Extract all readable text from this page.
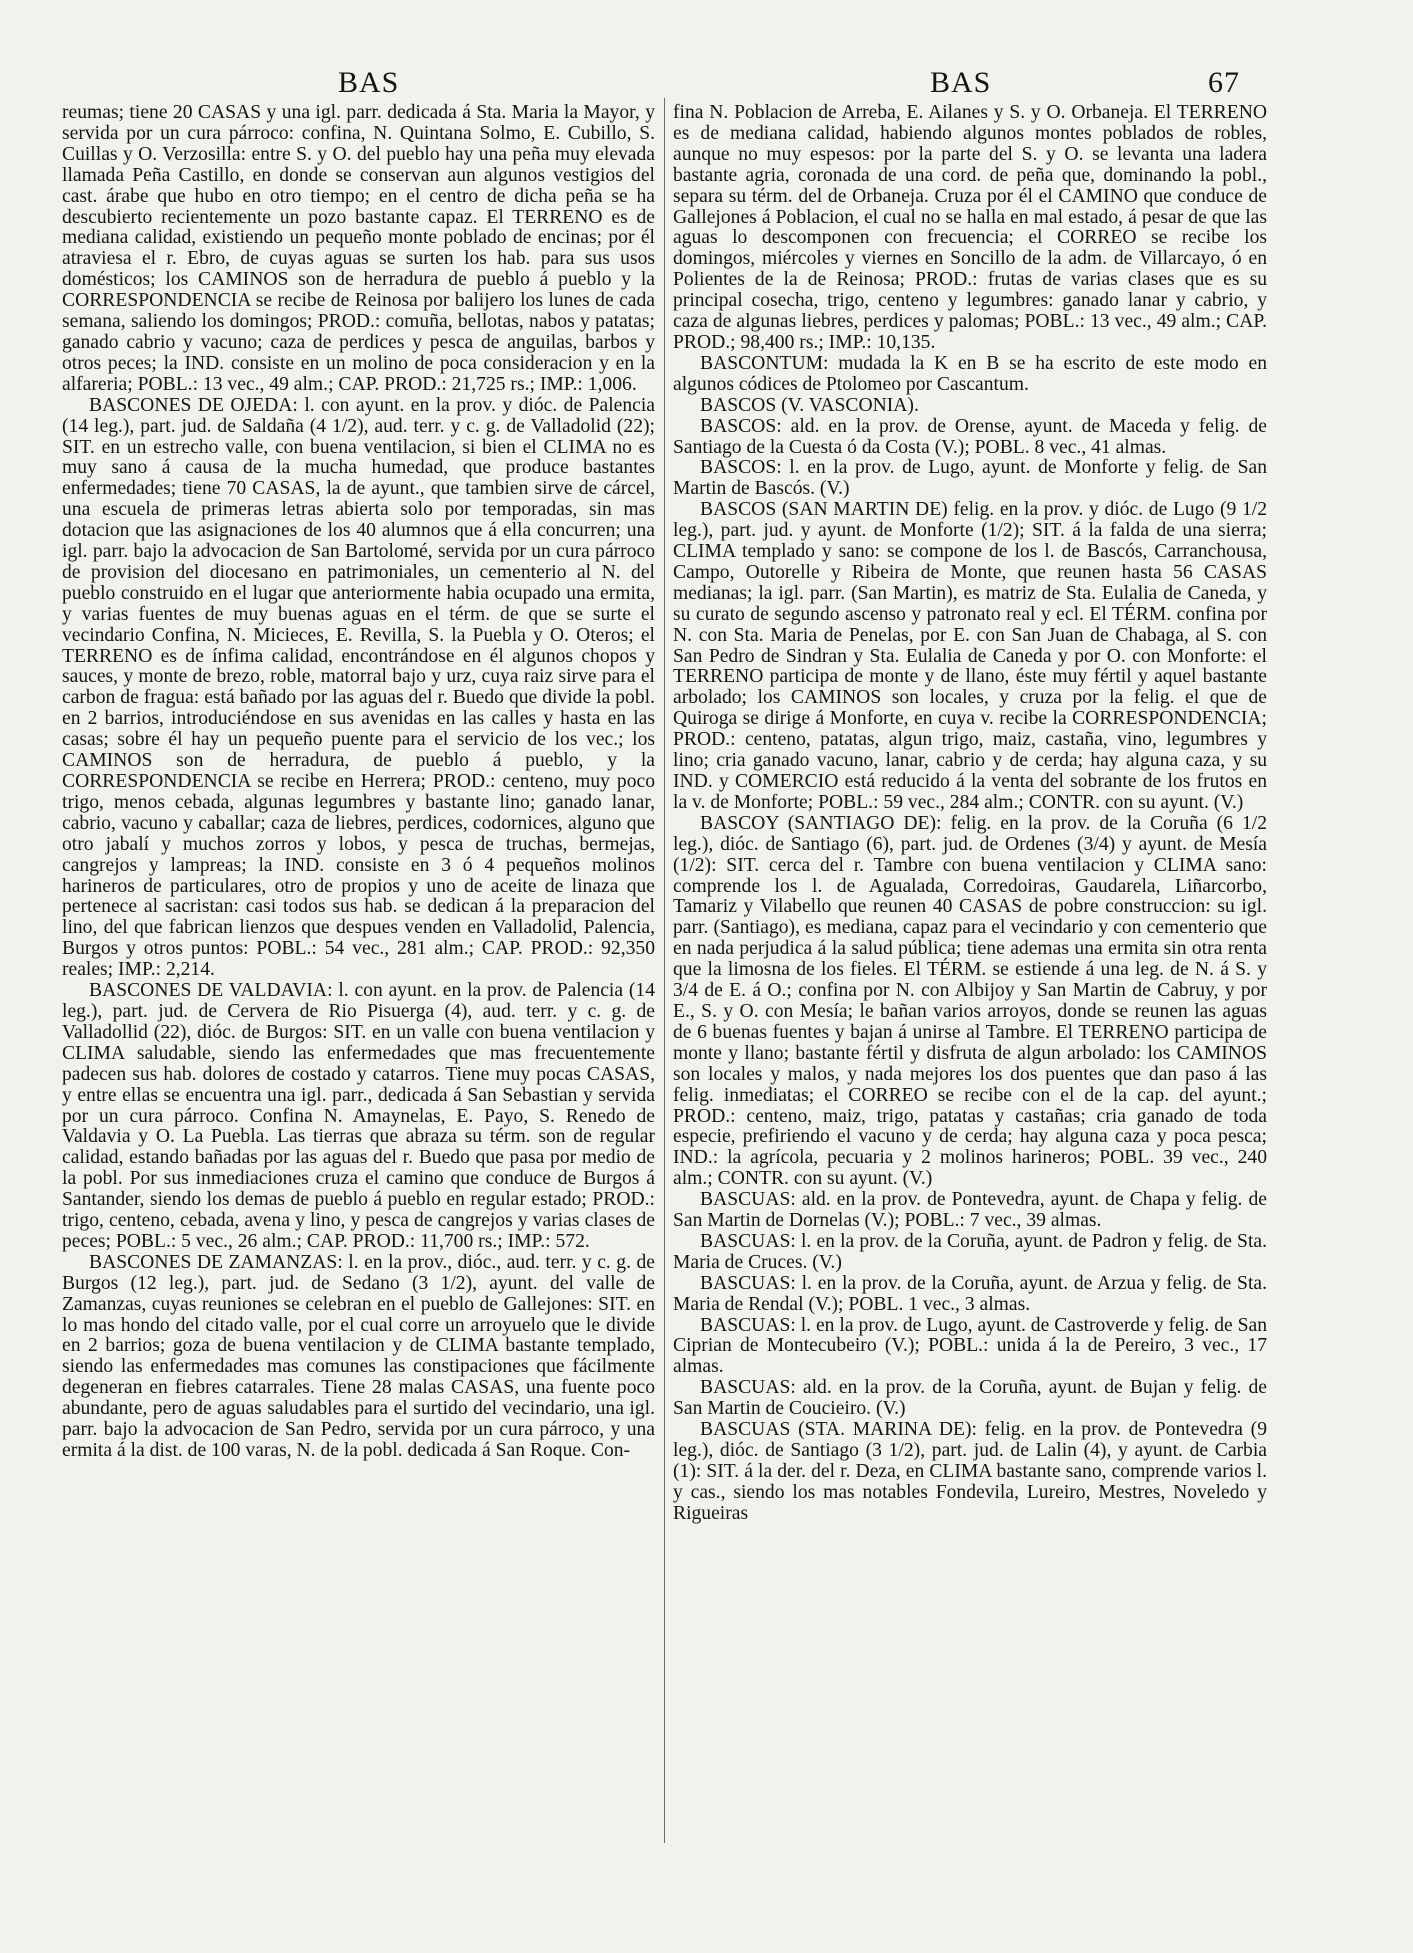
BAS	BAS	67

reumas; tiene 20 CASAS y una igl. parr. dedicada á Sta. Maria la Mayor, y servida por un cura párroco: confina, N. Quintana Solmo, E. Cubillo, S. Cuillas y O. Verzosilla: entre S. y O. del pueblo hay una peña muy elevada llamada Peña Castillo, en donde se conservan aun algunos vestigios del cast. árabe que hubo en otro tiempo; en el centro de dicha peña se ha descubierto recientemente un pozo bastante capaz. El TERRENO es de mediana calidad, existiendo un pequeño monte poblado de encinas; por él atraviesa el r. Ebro, de cuyas aguas se surten los hab. para sus usos domésticos; los CAMINOS son de herradura de pueblo á pueblo y la CORRESPONDENCIA se recibe de Reinosa por balijero los lunes de cada semana, saliendo los domingos; PROD.: comuña, bellotas, nabos y patatas; ganado cabrio y vacuno; caza de perdices y pesca de anguilas, barbos y otros peces; la IND. consiste en un molino de poca consideracion y en la alfareria; POBL.: 13 vec., 49 alm.; CAP. PROD.: 21,725 rs.; IMP.: 1,006.

BASCONES DE OJEDA: l. con ayunt. en la prov. y dióc. de Palencia (14 leg.), part. jud. de Saldaña (4 1/2), aud. terr. y c. g. de Valladolid (22); SIT. en un estrecho valle, con buena ventilacion, si bien el CLIMA no es muy sano á causa de la mucha humedad, que produce bastantes enfermedades; tiene 70 CASAS, la de ayunt., que tambien sirve de cárcel, una escuela de primeras letras abierta solo por temporadas, sin mas dotacion que las asignaciones de los 40 alumnos que á ella concurren; una igl. parr. bajo la advocacion de San Bartolomé, servida por un cura párroco de provision del diocesano en patrimoniales, un cementerio al N. del pueblo construido en el lugar que anteriormente habia ocupado una ermita, y varias fuentes de muy buenas aguas en el térm. de que se surte el vecindario Confina, N. Micieces, E. Revilla, S. la Puebla y O. Oteros; el TERRENO es de ínfima calidad, encontrándose en él algunos chopos y sauces, y monte de brezo, roble, matorral bajo y urz, cuya raiz sirve para el carbon de fragua: está bañado por las aguas del r. Buedo que divide la pobl. en 2 barrios, introduciéndose en sus avenidas en las calles y hasta en las casas; sobre él hay un pequeño puente para el servicio de los vec.; los CAMINOS son de herradura, de pueblo á pueblo, y la CORRESPONDENCIA se recibe en Herrera; PROD.: centeno, muy poco trigo, menos cebada, algunas legumbres y bastante lino; ganado lanar, cabrio, vacuno y caballar; caza de liebres, perdices, codornices, alguno que otro jabalí y muchos zorros y lobos, y pesca de truchas, bermejas, cangrejos y lampreas; la IND. consiste en 3 ó 4 pequeños molinos harineros de particulares, otro de propios y uno de aceite de linaza que pertenece al sacristan: casi todos sus hab. se dedican á la preparacion del lino, del que fabrican lienzos que despues venden en Valladolid, Palencia, Burgos y otros puntos: POBL.: 54 vec., 281 alm.; CAP. PROD.: 92,350 reales; IMP.: 2,214.

BASCONES DE VALDAVIA: l. con ayunt. en la prov. de Palencia (14 leg.), part. jud. de Cervera de Rio Pisuerga (4), aud. terr. y c. g. de Valladollid (22), dióc. de Burgos: SIT. en un valle con buena ventilacion y CLIMA saludable, siendo las enfermedades que mas frecuentemente padecen sus hab. dolores de costado y catarros. Tiene muy pocas CASAS, y entre ellas se encuentra una igl. parr., dedicada á San Sebastian y servida por un cura párroco. Confina N. Amaynelas, E. Payo, S. Renedo de Valdavia y O. La Puebla. Las tierras que abraza su térm. son de regular calidad, estando bañadas por las aguas del r. Buedo que pasa por medio de la pobl. Por sus inmediaciones cruza el camino que conduce de Burgos á Santander, siendo los demas de pueblo á pueblo en regular estado; PROD.: trigo, centeno, cebada, avena y lino, y pesca de cangrejos y varias clases de peces; POBL.: 5 vec., 26 alm.; CAP. PROD.: 11,700 rs.; IMP.: 572.

BASCONES DE ZAMANZAS: l. en la prov., dióc., aud. terr. y c. g. de Burgos (12 leg.), part. jud. de Sedano (3 1/2), ayunt. del valle de Zamanzas, cuyas reuniones se celebran en el pueblo de Gallejones: SIT. en lo mas hondo del citado valle, por el cual corre un arroyuelo que le divide en 2 barrios; goza de buena ventilacion y de CLIMA bastante templado, siendo las enfermedades mas comunes las constipaciones que fácilmente degeneran en fiebres catarrales. Tiene 28 malas CASAS, una fuente poco abundante, pero de aguas saludables para el surtido del vecindario, una igl. parr. bajo la advocacion de San Pedro, servida por un cura párroco, y una ermita á la dist. de 100 varas, N. de la pobl. dedicada á San Roque. Con-

fina N. Poblacion de Arreba, E. Ailanes y S. y O. Orbaneja. El TERRENO es de mediana calidad, habiendo algunos montes poblados de robles, aunque no muy espesos: por la parte del S. y O. se levanta una ladera bastante agria, coronada de una cord. de peña que, dominando la pobl., separa su térm. del de Orbaneja. Cruza por él el CAMINO que conduce de Gallejones á Poblacion, el cual no se halla en mal estado, á pesar de que las aguas lo descomponen con frecuencia; el CORREO se recibe los domingos, miércoles y viernes en Soncillo de la adm. de Villarcayo, ó en Polientes de la de Reinosa; PROD.: frutas de varias clases que es su principal cosecha, trigo, centeno y legumbres: ganado lanar y cabrio, y caza de algunas liebres, perdices y palomas; POBL.: 13 vec., 49 alm.; CAP. PROD.; 98,400 rs.; IMP.: 10,135.

BASCONTUM: mudada la K en B se ha escrito de este modo en algunos códices de Ptolomeo por Cascantum.

BASCOS (V. VASCONIA).

BASCOS: ald. en la prov. de Orense, ayunt. de Maceda y felig. de Santiago de la Cuesta ó da Costa (V.); POBL. 8 vec., 41 almas.

BASCOS: l. en la prov. de Lugo, ayunt. de Monforte y felig. de San Martin de Bascós. (V.)

BASCOS (SAN MARTIN DE) felig. en la prov. y dióc. de Lugo (9 1/2 leg.), part. jud. y ayunt. de Monforte (1/2); SIT. á la falda de una sierra; CLIMA templado y sano: se compone de los l. de Bascós, Carranchousa, Campo, Outorelle y Ribeira de Monte, que reunen hasta 56 CASAS medianas; la igl. parr. (San Martin), es matriz de Sta. Eulalia de Caneda, y su curato de segundo ascenso y patronato real y ecl. El TÉRM. confina por N. con Sta. Maria de Penelas, por E. con San Juan de Chabaga, al S. con San Pedro de Sindran y Sta. Eulalia de Caneda y por O. con Monforte: el TERRENO participa de monte y de llano, éste muy fértil y aquel bastante arbolado; los CAMINOS son locales, y cruza por la felig. el que de Quiroga se dirige á Monforte, en cuya v. recibe la CORRESPONDENCIA; PROD.: centeno, patatas, algun trigo, maiz, castaña, vino, legumbres y lino; cria ganado vacuno, lanar, cabrio y de cerda; hay alguna caza, y su IND. y COMERCIO está reducido á la venta del sobrante de los frutos en la v. de Monforte; POBL.: 59 vec., 284 alm.; CONTR. con su ayunt. (V.)

BASCOY (SANTIAGO DE): felig. en la prov. de la Coruña (6 1/2 leg.), dióc. de Santiago (6), part. jud. de Ordenes (3/4) y ayunt. de Mesía (1/2): SIT. cerca del r. Tambre con buena ventilacion y CLIMA sano: comprende los l. de Agualada, Corredoiras, Gaudarela, Liñarcorbo, Tamariz y Vilabello que reunen 40 CASAS de pobre construccion: su igl. parr. (Santiago), es mediana, capaz para el vecindario y con cementerio que en nada perjudica á la salud pública; tiene ademas una ermita sin otra renta que la limosna de los fieles. El TÉRM. se estiende á una leg. de N. á S. y 3/4 de E. á O.; confina por N. con Albijoy y San Martin de Cabruy, y por E., S. y O. con Mesía; le bañan varios arroyos, donde se reunen las aguas de 6 buenas fuentes y bajan á unirse al Tambre. El TERRENO participa de monte y llano; bastante fértil y disfruta de algun arbolado: los CAMINOS son locales y malos, y nada mejores los dos puentes que dan paso á las felig. inmediatas; el CORREO se recibe con el de la cap. del ayunt.; PROD.: centeno, maiz, trigo, patatas y castañas; cria ganado de toda especie, prefiriendo el vacuno y de cerda; hay alguna caza y poca pesca; IND.: la agrícola, pecuaria y 2 molinos harineros; POBL. 39 vec., 240 alm.; CONTR. con su ayunt. (V.)

BASCUAS: ald. en la prov. de Pontevedra, ayunt. de Chapa y felig. de San Martin de Dornelas (V.); POBL.: 7 vec., 39 almas.

BASCUAS: l. en la prov. de la Coruña, ayunt. de Padron y felig. de Sta. Maria de Cruces. (V.)

BASCUAS: l. en la prov. de la Coruña, ayunt. de Arzua y felig. de Sta. Maria de Rendal (V.); POBL. 1 vec., 3 almas.

BASCUAS: l. en la prov. de Lugo, ayunt. de Castroverde y felig. de San Ciprian de Montecubeiro (V.); POBL.: unida á la de Pereiro, 3 vec., 17 almas.

BASCUAS: ald. en la prov. de la Coruña, ayunt. de Bujan y felig. de San Martin de Coucieiro. (V.)

BASCUAS (STA. MARINA DE): felig. en la prov. de Pontevedra (9 leg.), dióc. de Santiago (3 1/2), part. jud. de Lalin (4), y ayunt. de Carbia (1): SIT. á la der. del r. Deza, en CLIMA bastante sano, comprende varios l. y cas., siendo los mas notables Fondevila, Lureiro, Mestres, Noveledo y Rigueiras
